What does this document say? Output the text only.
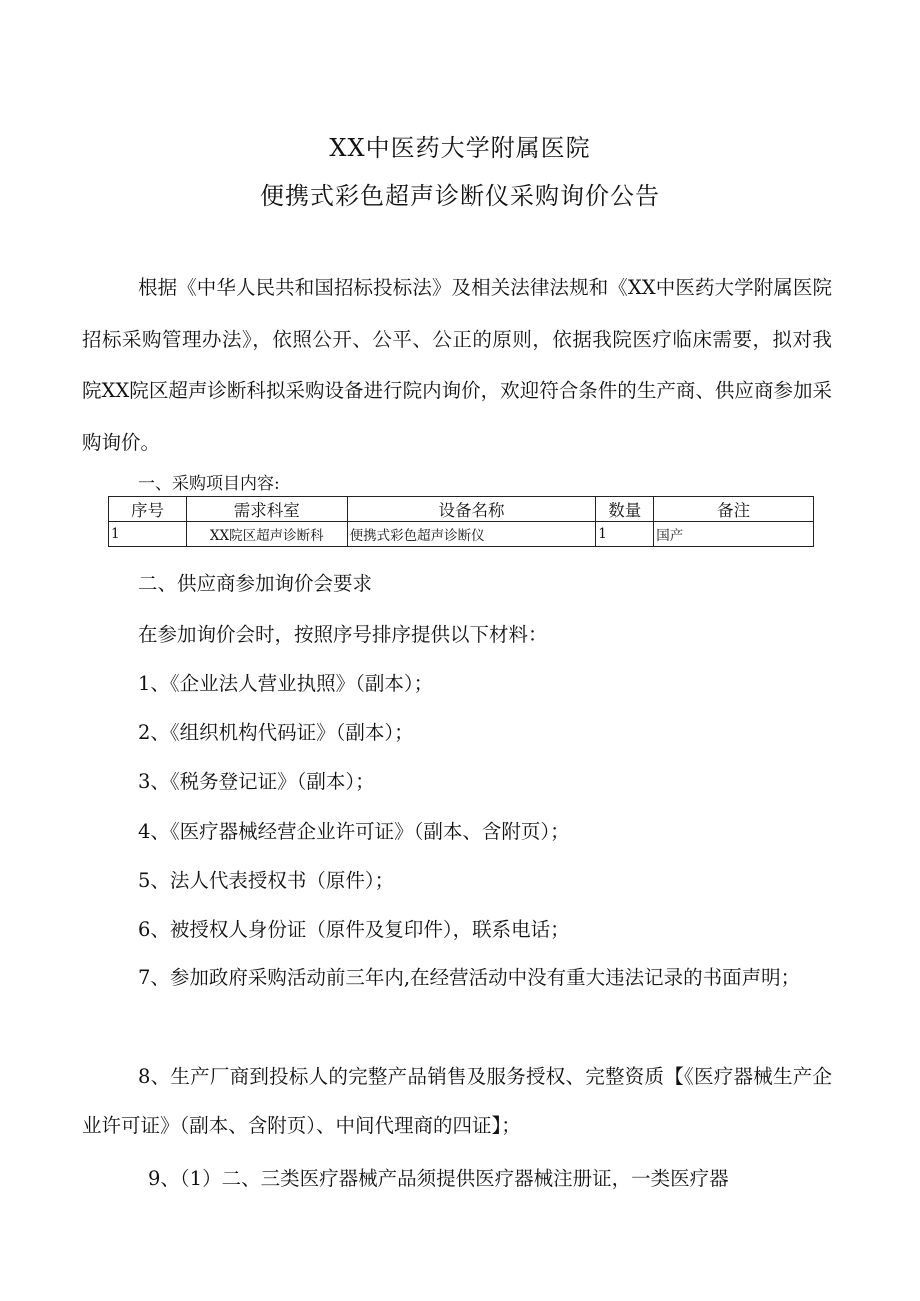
XX中医药大学附属医院
便携式彩色超声诊断仪采购询价公告

根据《中华人民共和国招标投标法》及相关法律法规和《XX中医药大学附属医院招标采购管理办法》，依照公开、公平、公正的原则，依据我院医疗临床需要，拟对我院XX院区超声诊断科拟采购设备进行院内询价，欢迎符合条件的生产商、供应商参加采购询价。

一、采购项目内容:
序号	需求科室	设备名称	数量	备注
1	XX院区超声诊断科	便携式彩色超声诊断仪	1	国产
二、供应商参加询价会要求
在参加询价会时，按照序号排序提供以下材料：
1、《企业法人营业执照》（副本）；
2、《组织机构代码证》（副本）；
3、《税务登记证》（副本）；
4、《医疗器械经营企业许可证》（副本、含附页）；
5、法人代表授权书（原件）；
6、被授权人身份证（原件及复印件），联系电话；

7、参加政府采购活动前三年内,在经营活动中没有重大违法记录的书面声明；

8、生产厂商到投标人的完整产品销售及服务授权、完整资质【《医疗器械生产企业许可证》（副本、含附页）、中间代理商的四证】；

9、（1）二、三类医疗器械产品须提供医疗器械注册证，一类医疗器
